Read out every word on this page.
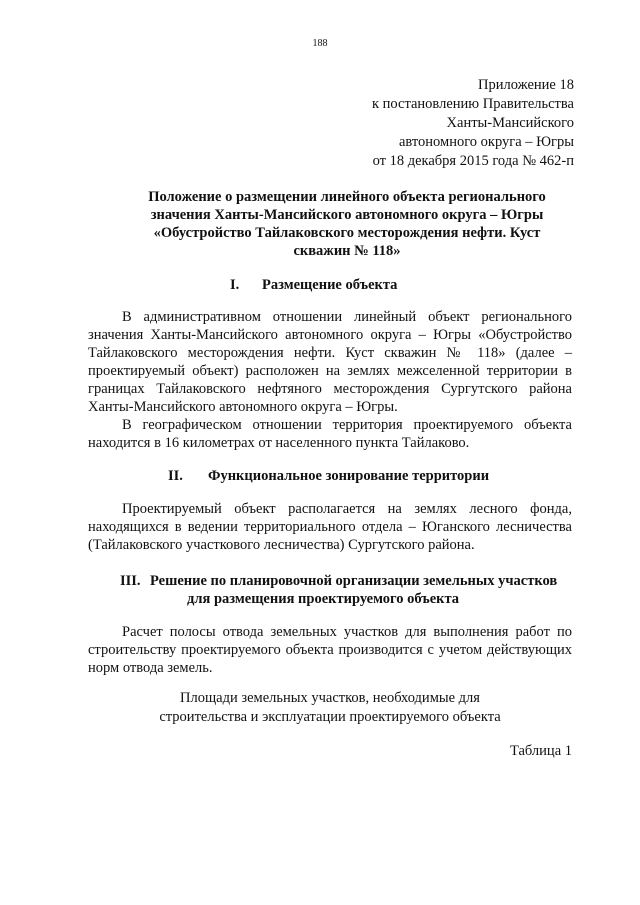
188
Приложение 18
к постановлению Правительства
Ханты-Мансийского
автономного округа – Югры
от 18 декабря 2015 года № 462-п
Положение о размещении линейного объекта регионального
значения Ханты-Мансийского автономного округа – Югры
«Обустройство Тайлаковского месторождения нефти. Куст
скважин № 118»
I. Размещение объекта
В административном отношении линейный объект регионального значения Ханты-Мансийского автономного округа – Югры «Обустройство Тайлаковского месторождения нефти. Куст скважин № 118» (далее – проектируемый объект) расположен на землях межселенной территории в границах Тайлаковского нефтяного месторождения Сургутского района Ханты-Мансийского автономного округа – Югры.
В географическом отношении территория проектируемого объекта находится в 16 километрах от населенного пункта Тайлаково.
II. Функциональное зонирование территории
Проектируемый объект располагается на землях лесного фонда, находящихся в ведении территориального отдела – Юганского лесничества (Тайлаковского участкового лесничества) Сургутского района.
III. Решение по планировочной организации земельных участков
для размещения проектируемого объекта
Расчет полосы отвода земельных участков для выполнения работ по строительству проектируемого объекта производится с учетом действующих норм отвода земель.
Площади земельных участков, необходимые для
строительства и эксплуатации проектируемого объекта
Таблица 1
